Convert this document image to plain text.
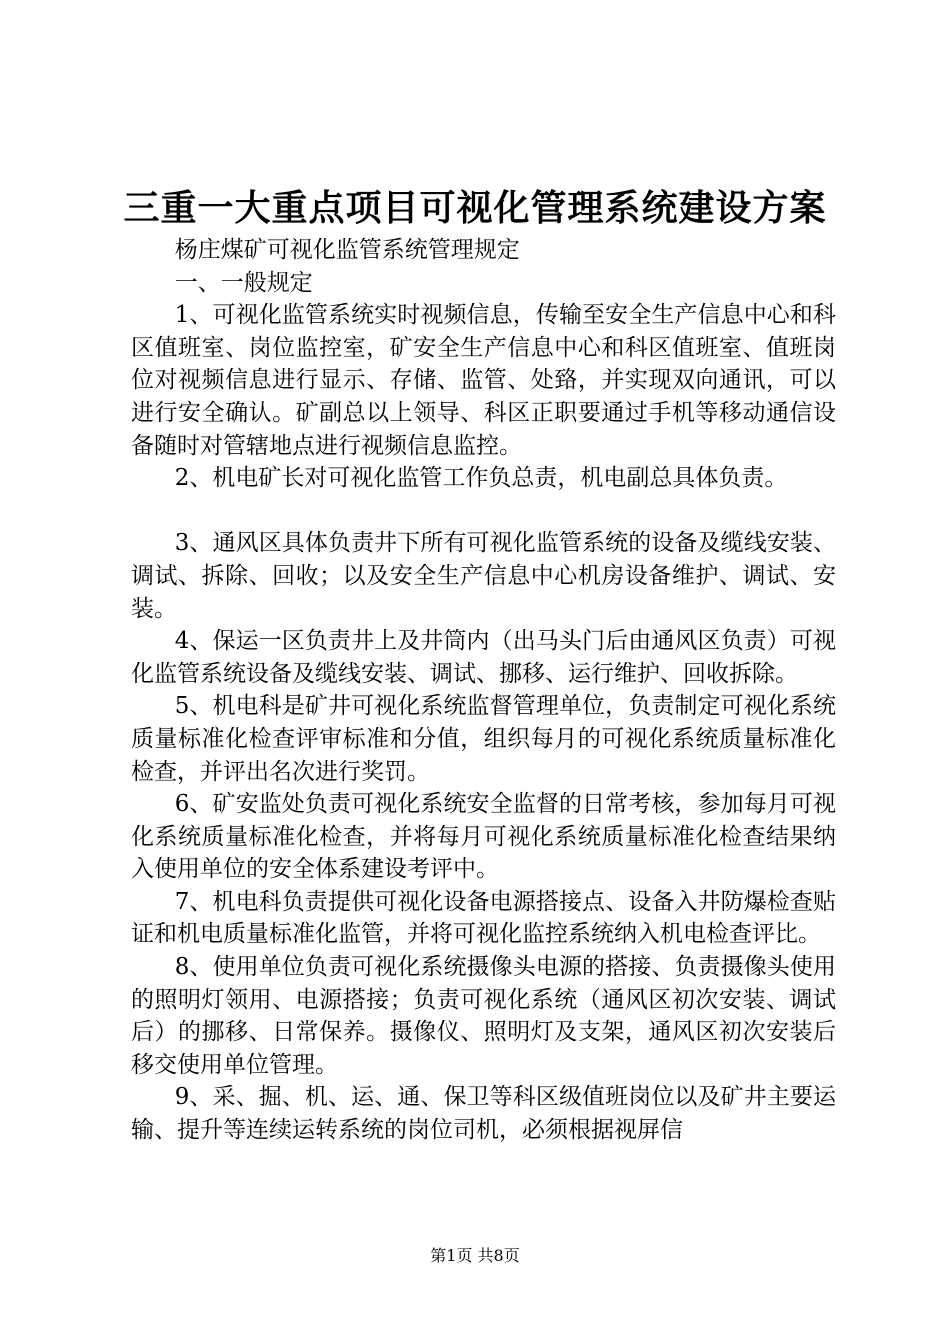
三重一大重点项目可视化管理系统建设方案

杨庄煤矿可视化监管系统管理规定

一、一般规定

1、可视化监管系统实时视频信息，传输至安全生产信息中心和科区值班室、岗位监控室，矿安全生产信息中心和科区值班室、值班岗位对视频信息进行显示、存储、监管、处臵，并实现双向通讯，可以进行安全确认。矿副总以上领导、科区正职要通过手机等移动通信设备随时对管辖地点进行视频信息监控。

2、机电矿长对可视化监管工作负总责，机电副总具体负责。

3、通风区具体负责井下所有可视化监管系统的设备及缆线安装、调试、拆除、回收；以及安全生产信息中心机房设备维护、调试、安装。

4、保运一区负责井上及井筒内（出马头门后由通风区负责）可视化监管系统设备及缆线安装、调试、挪移、运行维护、回收拆除。

5、机电科是矿井可视化系统监督管理单位，负责制定可视化系统质量标准化检查评审标准和分值，组织每月的可视化系统质量标准化检查，并评出名次进行奖罚。

6、矿安监处负责可视化系统安全监督的日常考核，参加每月可视化系统质量标准化检查，并将每月可视化系统质量标准化检查结果纳入使用单位的安全体系建设考评中。

7、机电科负责提供可视化设备电源搭接点、设备入井防爆检查贴证和机电质量标准化监管，并将可视化监控系统纳入机电检查评比。

8、使用单位负责可视化系统摄像头电源的搭接、负责摄像头使用的照明灯领用、电源搭接；负责可视化系统（通风区初次安装、调试后）的挪移、日常保养。摄像仪、照明灯及支架，通风区初次安装后移交使用单位管理。

9、采、掘、机、运、通、保卫等科区级值班岗位以及矿井主要运输、提升等连续运转系统的岗位司机，必须根据视屏信

第1页 共8页
